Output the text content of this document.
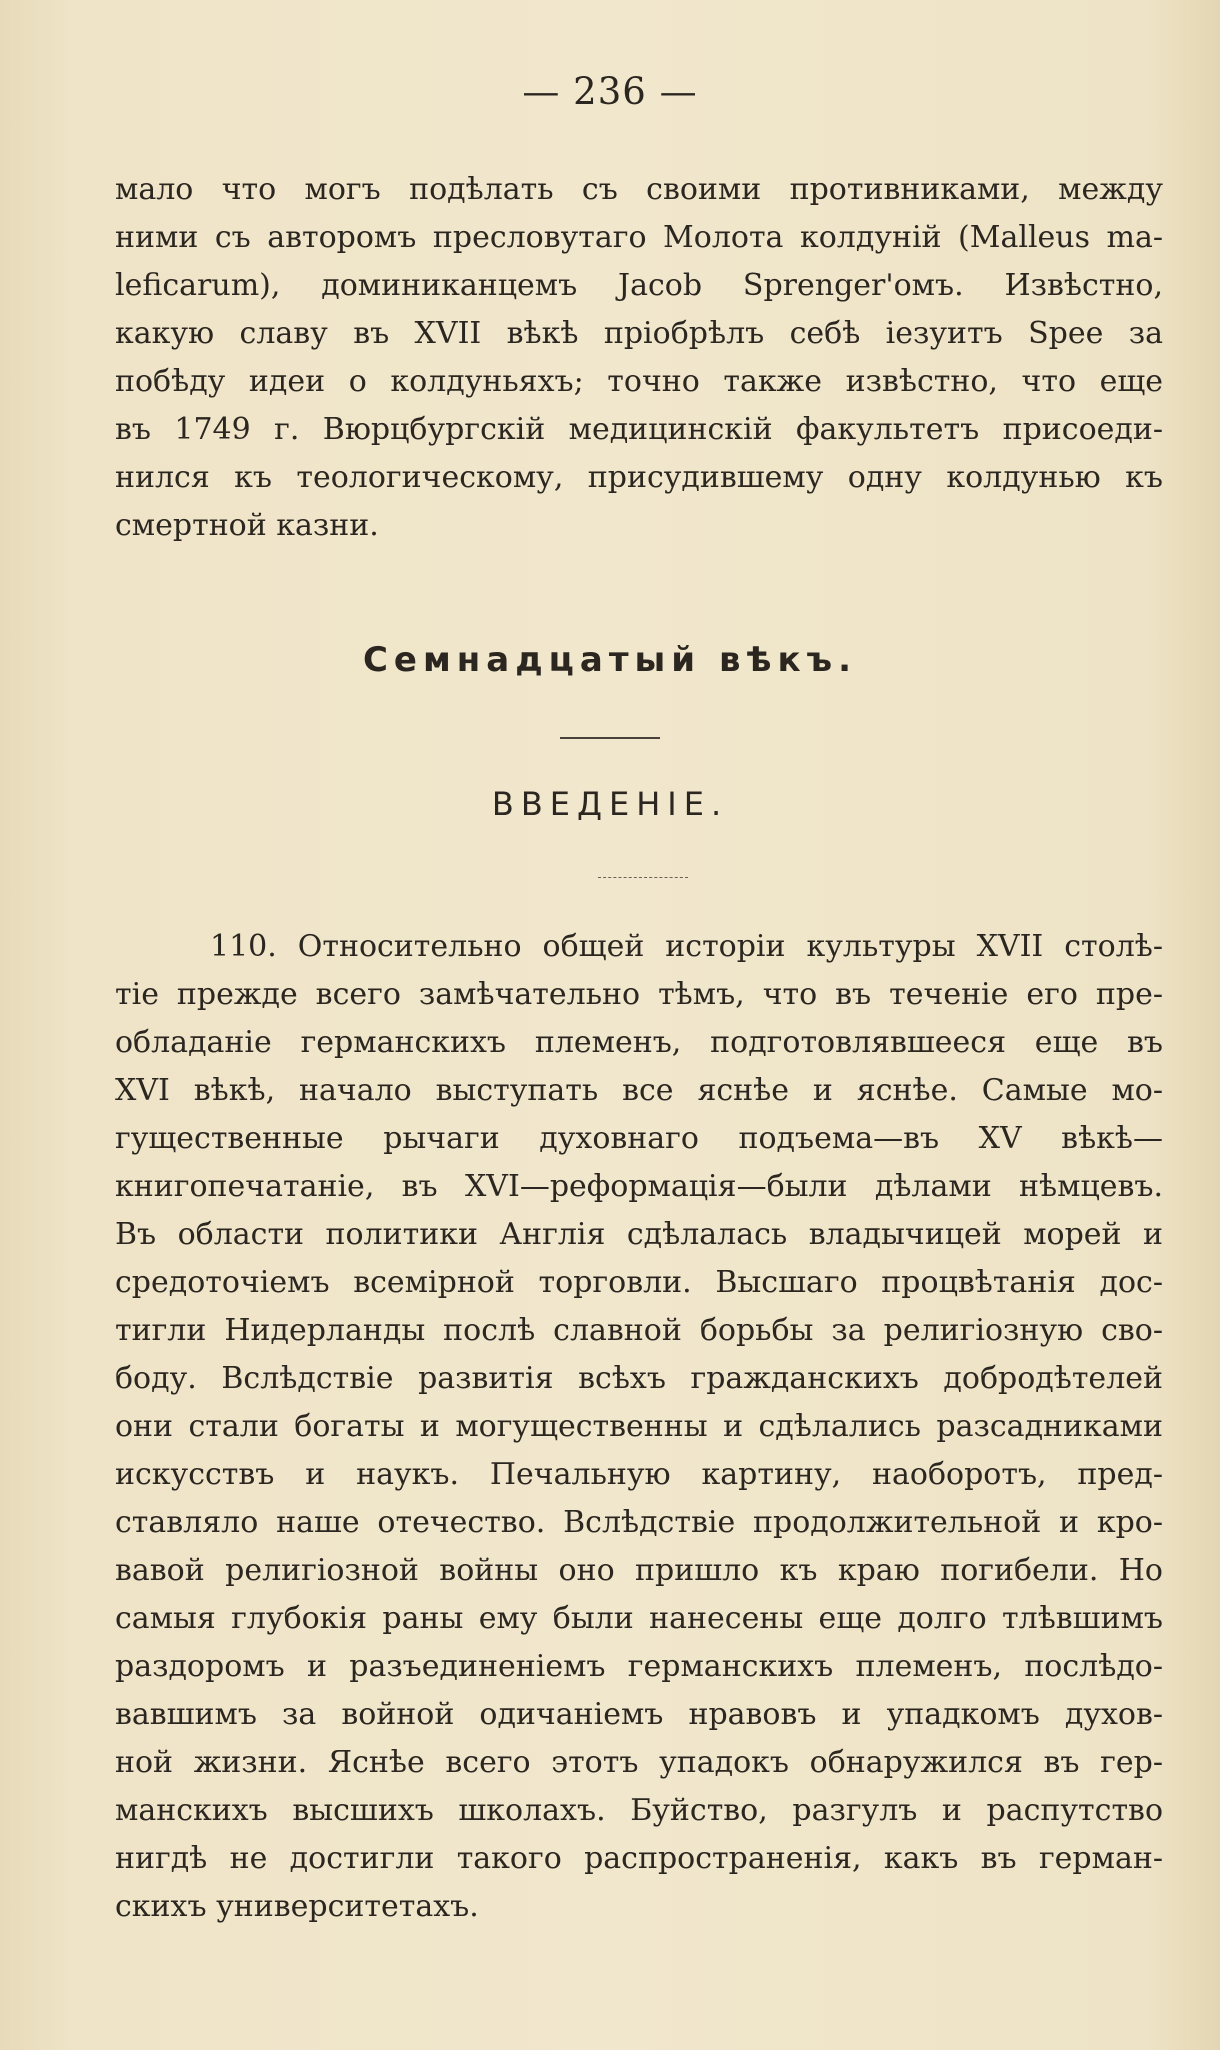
— 236 —
мало что могъ подѣлать съ своими противниками, между
ними съ авторомъ пресловутаго Молота колдуній (Malleus ma-
leficarum), доминиканцемъ Jacob Sprenger'омъ. Извѣстно,
какую славу въ XVII вѣкѣ пріобрѣлъ себѣ іезуитъ Spee за
побѣду идеи о колдуньяхъ; точно также извѣстно, что еще
въ 1749 г. Вюрцбургскій медицинскій факультетъ присоеди-
нился къ теологическому, присудившему одну колдунью къ
смертной казни.
Семнадцатый вѣкъ.
ВВЕДЕНІЕ.
110. Относительно общей исторіи культуры XVII столѣ-
тіе прежде всего замѣчательно тѣмъ, что въ теченіе его пре-
обладаніе германскихъ племенъ, подготовлявшееся еще въ
XVI вѣкѣ, начало выступать все яснѣе и яснѣе. Самые мо-
гущественные рычаги духовнаго подъема—въ XV вѣкѣ—
книгопечатаніе, въ XVI—реформація—были дѣлами нѣмцевъ.
Въ области политики Англія сдѣлалась владычицей морей и
средоточіемъ всемірной торговли. Высшаго процвѣтанія дос-
тигли Нидерланды послѣ славной борьбы за религіозную сво-
боду. Вслѣдствіе развитія всѣхъ гражданскихъ добродѣтелей
они стали богаты и могущественны и сдѣлались разсадниками
искусствъ и наукъ. Печальную картину, наоборотъ, пред-
ставляло наше отечество. Вслѣдствіе продолжительной и кро-
вавой религіозной войны оно пришло къ краю погибели. Но
самыя глубокія раны ему были нанесены еще долго тлѣвшимъ
раздоромъ и разъединеніемъ германскихъ племенъ, послѣдо-
вавшимъ за войной одичаніемъ нравовъ и упадкомъ духов-
ной жизни. Яснѣе всего этотъ упадокъ обнаружился въ гер-
манскихъ высшихъ школахъ. Буйство, разгулъ и распутство
нигдѣ не достигли такого распространенія, какъ въ герман-
скихъ университетахъ.
